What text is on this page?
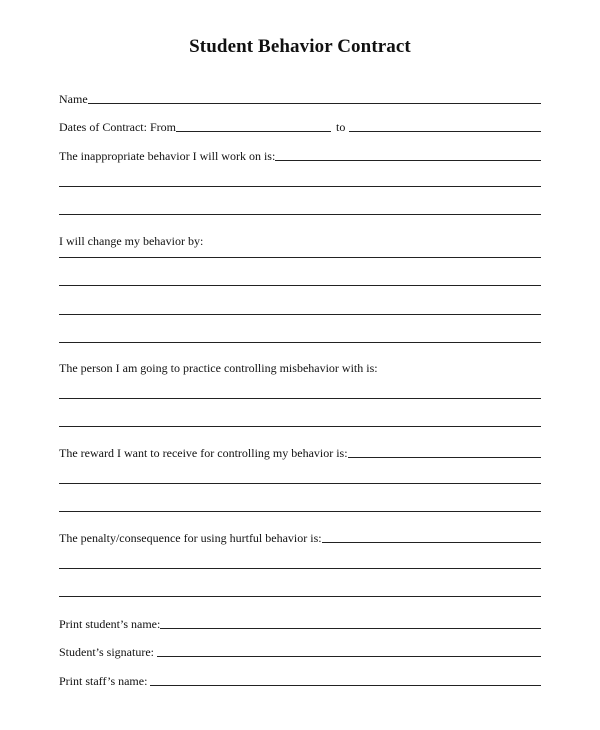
Student Behavior Contract
Name
Dates of Contract: From	to
The inappropriate behavior I will work on is:
I will change my behavior by:
The person I am going to practice controlling misbehavior with is:
The reward I want to receive for controlling my behavior is:
The penalty/consequence for using hurtful behavior is:
Print student’s name:
Student’s signature:
Print staff’s name:
